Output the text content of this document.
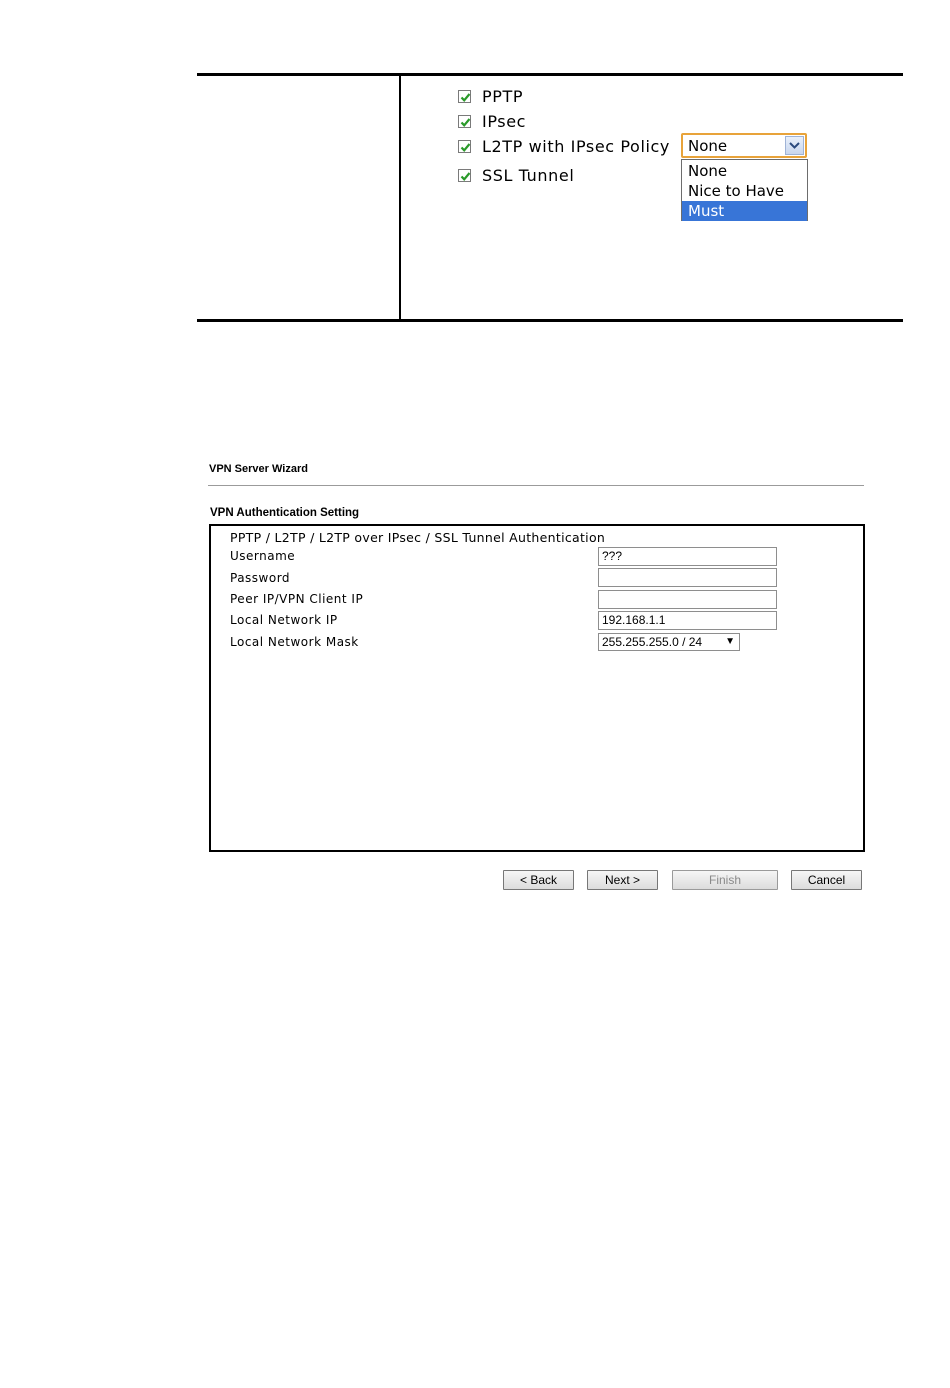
PPTP
IPsec
L2TP with IPsec Policy
SSL Tunnel
None
None
Nice to Have
Must
VPN Server Wizard
VPN Authentication Setting
PPTP / L2TP / L2TP over IPsec / SSL Tunnel Authentication
Username	???
Password
Peer IP/VPN Client IP
Local Network IP	192.168.1.1
Local Network Mask	255.255.255.0 / 24 ▼
< Back	Next >	Finish	Cancel
